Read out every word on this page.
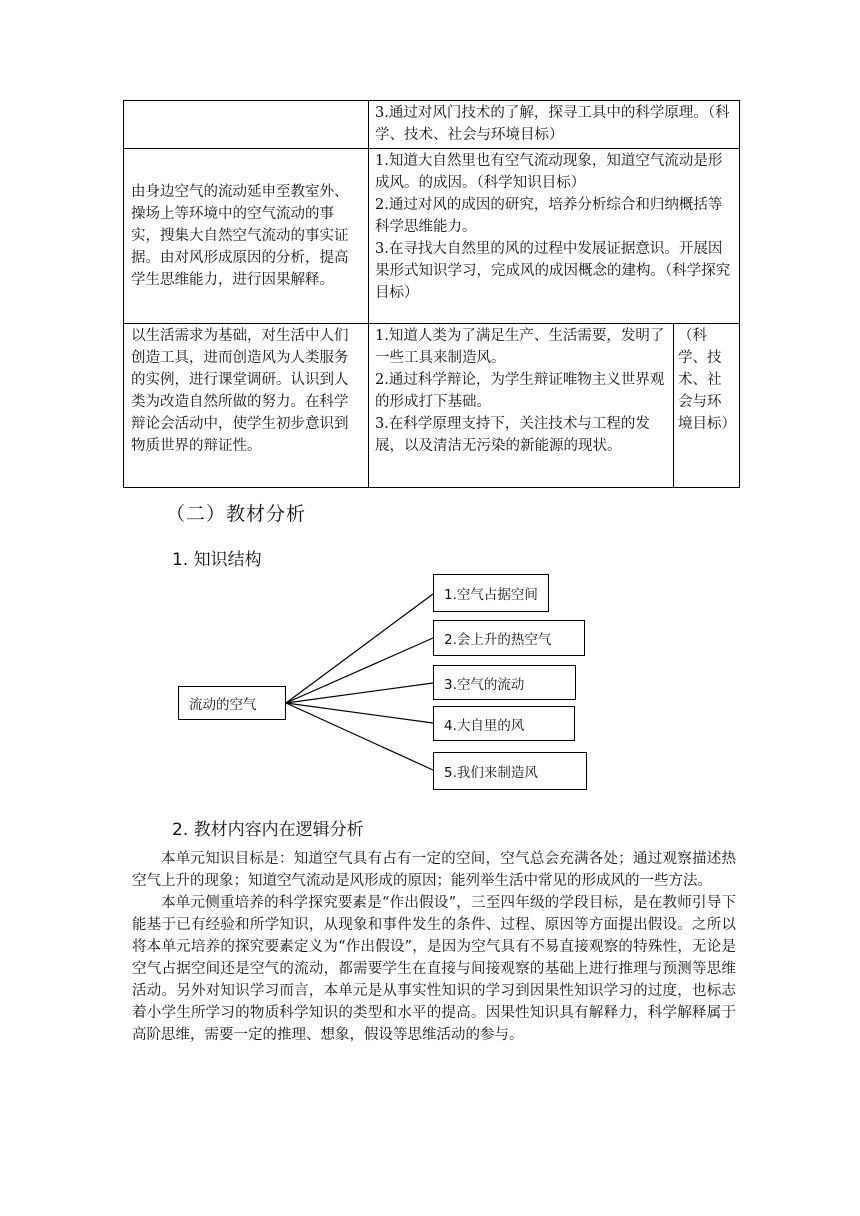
	3.通过对风门技术的了解，探寻工具中的科学原理。（科学、技术、社会与环境目标）	
由身边空气的流动延申至教室外、操场上等环境中的空气流动的事实，搜集大自然空气流动的事实证据。由对风形成原因的分析，提高学生思维能力，进行因果解释。	1.知道大自然里也有空气流动现象，知道空气流动是形成风。的成因。（科学知识目标）
2.通过对风的成因的研究，培养分析综合和归纳概括等科学思维能力。
3.在寻找大自然里的风的过程中发展证据意识。开展因果形式知识学习，完成风的成因概念的建构。（科学探究目标）	

以生活需求为基础，对生活中人们创造工具，进而创造风为人类服务的实例，进行课堂调研。认识到人类为改造自然所做的努力。在科学辩论会活动中，使学生初步意识到物质世界的辩证性。	1.知道人类为了满足生产、生活需要，发明了一些工具来制造风。
2.通过科学辩论，为学生辩证唯物主义世界观的形成打下基础。
3.在科学原理支持下，关注技术与工程的发展，以及清洁无污染的新能源的现状。	（科学、技术、社会与环境目标）
（二）教材分析
1. 知识结构
流动的空气
1.空气占据空间
2.会上升的热空气
3.空气的流动
4.大自里的风
5.我们来制造风
2. 教材内容内在逻辑分析

本单元知识目标是：知道空气具有占有一定的空间，空气总会充满各处；通过观察描述热空气上升的现象；知道空气流动是风形成的原因；能列举生活中常见的形成风的一些方法。

本单元侧重培养的科学探究要素是“作出假设”，三至四年级的学段目标，是在教师引导下能基于已有经验和所学知识，从现象和事件发生的条件、过程、原因等方面提出假设。之所以将本单元培养的探究要素定义为“作出假设”，是因为空气具有不易直接观察的特殊性，无论是空气占据空间还是空气的流动，都需要学生在直接与间接观察的基础上进行推理与预测等思维活动。另外对知识学习而言，本单元是从事实性知识的学习到因果性知识学习的过度，也标志着小学生所学习的物质科学知识的类型和水平的提高。因果性知识具有解释力，科学解释属于高阶思维，需要一定的推理、想象，假设等思维活动的参与。
